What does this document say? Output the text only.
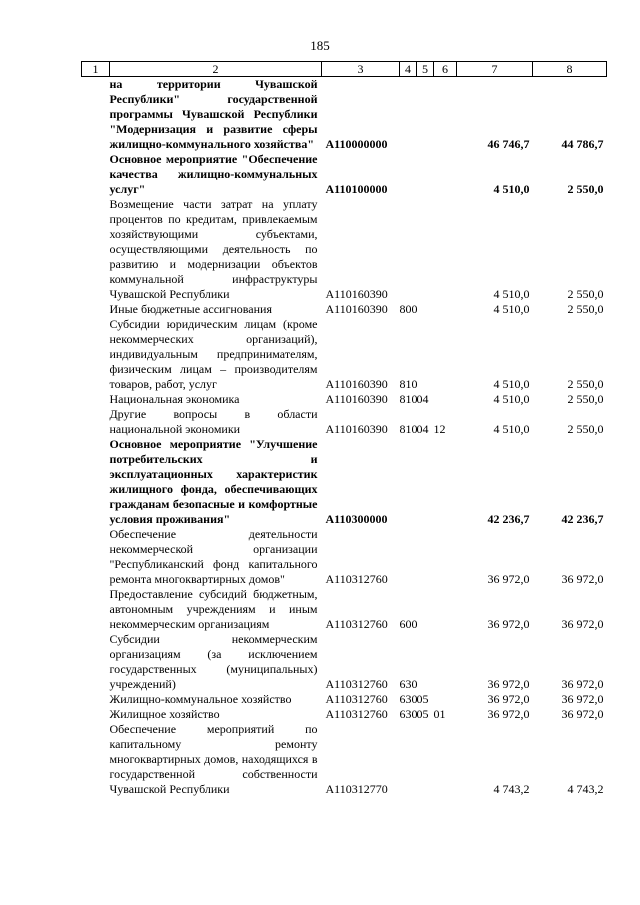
185
1	2	3	4	5	6	7	8
	на территории Чувашской Республики" государственной программы Чувашской Республики "Модернизация и развитие сферы жилищно-коммунального хозяйства"	А110000000				46 746,7	44 786,7
	Основное мероприятие "Обеспечение качества жилищно-коммунальных услуг"	А110100000				4 510,0	2 550,0
	Возмещение части затрат на уплату процентов по кредитам, привлекаемым хозяйствующими субъектами, осуществляющими деятельность по развитию и модернизации объектов коммунальной инфраструктуры Чувашской Республики	А110160390				4 510,0	2 550,0
	Иные бюджетные ассигнования	А110160390	800			4 510,0	2 550,0
	Субсидии юридическим лицам (кроме некоммерческих организаций), индивидуальным предпринимателям, физическим лицам – производителям товаров, работ, услуг	А110160390	810			4 510,0	2 550,0
	Национальная экономика	А110160390	810	04		4 510,0	2 550,0
	Другие вопросы в области национальной экономики	А110160390	810	04	12	4 510,0	2 550,0
	Основное мероприятие "Улучшение потребительских и эксплуатационных характеристик жилищного фонда, обеспечивающих гражданам безопасные и комфортные условия проживания"	А110300000				42 236,7	42 236,7
	Обеспечение деятельности некоммерческой организации "Республиканский фонд капитального ремонта многоквартирных домов"	А110312760				36 972,0	36 972,0
	Предоставление субсидий бюджетным, автономным учреждениям и иным некоммерческим организациям	А110312760	600			36 972,0	36 972,0
	Субсидии некоммерческим организациям (за исключением государственных (муниципальных) учреждений)	А110312760	630			36 972,0	36 972,0
	Жилищно-коммунальное хозяйство	А110312760	630	05		36 972,0	36 972,0
	Жилищное хозяйство	А110312760	630	05	01	36 972,0	36 972,0
	Обеспечение мероприятий по капитальному ремонту многоквартирных домов, находящихся в государственной собственности Чувашской Республики	А110312770				4 743,2	4 743,2
